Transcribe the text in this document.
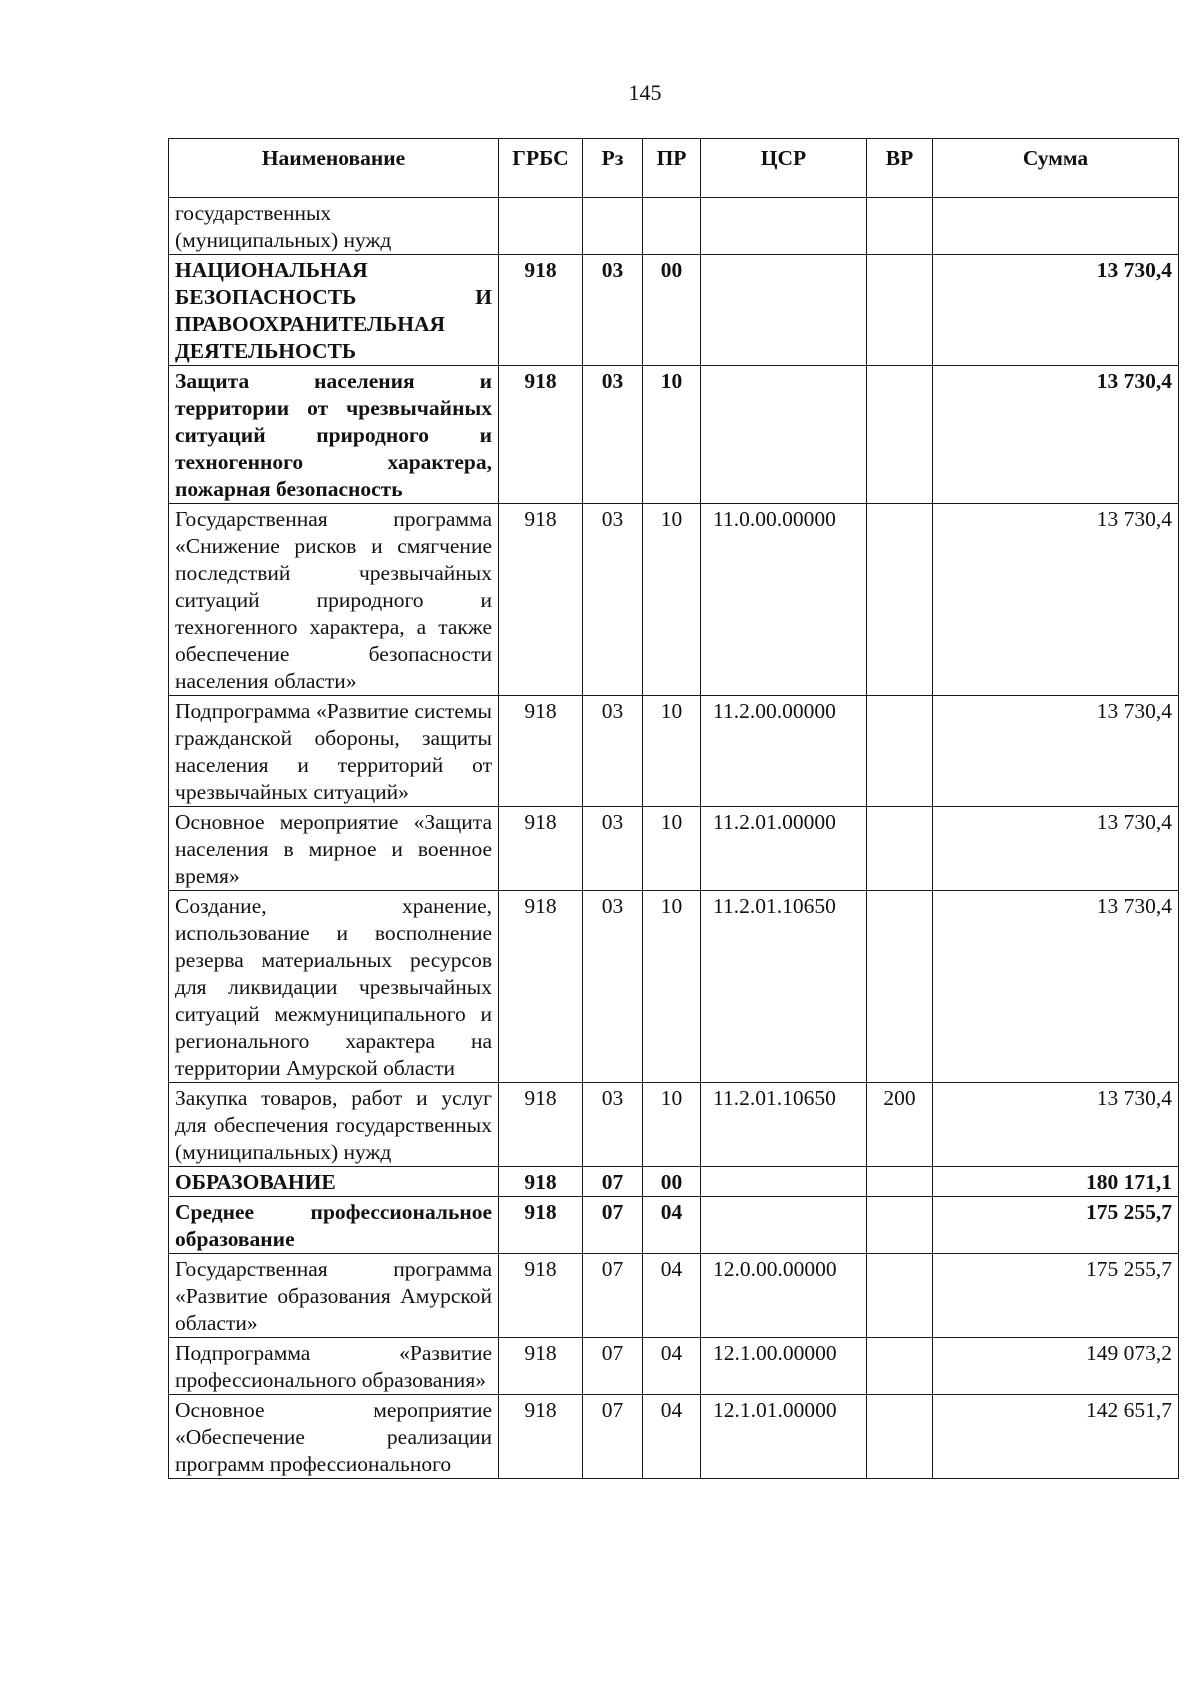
145
Наименование	ГРБС	Рз	ПР	ЦСР	ВР	Сумма
государственных (муниципальных) нужд						
НАЦИОНАЛЬНАЯ БЕЗОПАСНОСТЬ И ПРАВООХРАНИТЕЛЬНАЯ ДЕЯТЕЛЬНОСТЬ	918	03	00			13 730,4
Защита населения и территории от чрезвычайных ситуаций природного и техногенного характера, пожарная безопасность	918	03	10			13 730,4
Государственная программа «Снижение рисков и смягчение последствий чрезвычайных ситуаций природного и техногенного характера, а также обеспечение безопасности населения области»	918	03	10	11.0.00.00000		13 730,4
Подпрограмма «Развитие системы гражданской обороны, защиты населения и территорий от чрезвычайных ситуаций»	918	03	10	11.2.00.00000		13 730,4
Основное мероприятие «Защита населения в мирное и военное время»	918	03	10	11.2.01.00000		13 730,4
Создание, хранение, использование и восполнение резерва материальных ресурсов для ликвидации чрезвычайных ситуаций межмуниципального и регионального характера на территории Амурской области	918	03	10	11.2.01.10650		13 730,4
Закупка товаров, работ и услуг для обеспечения государственных (муниципальных) нужд	918	03	10	11.2.01.10650	200	13 730,4
ОБРАЗОВАНИЕ	918	07	00			180 171,1
Среднее профессиональное образование	918	07	04			175 255,7
Государственная программа «Развитие образования Амурской области»	918	07	04	12.0.00.00000		175 255,7
Подпрограмма «Развитие профессионального образования»	918	07	04	12.1.00.00000		149 073,2
Основное мероприятие «Обеспечение реализации программ профессионального	918	07	04	12.1.01.00000		142 651,7
